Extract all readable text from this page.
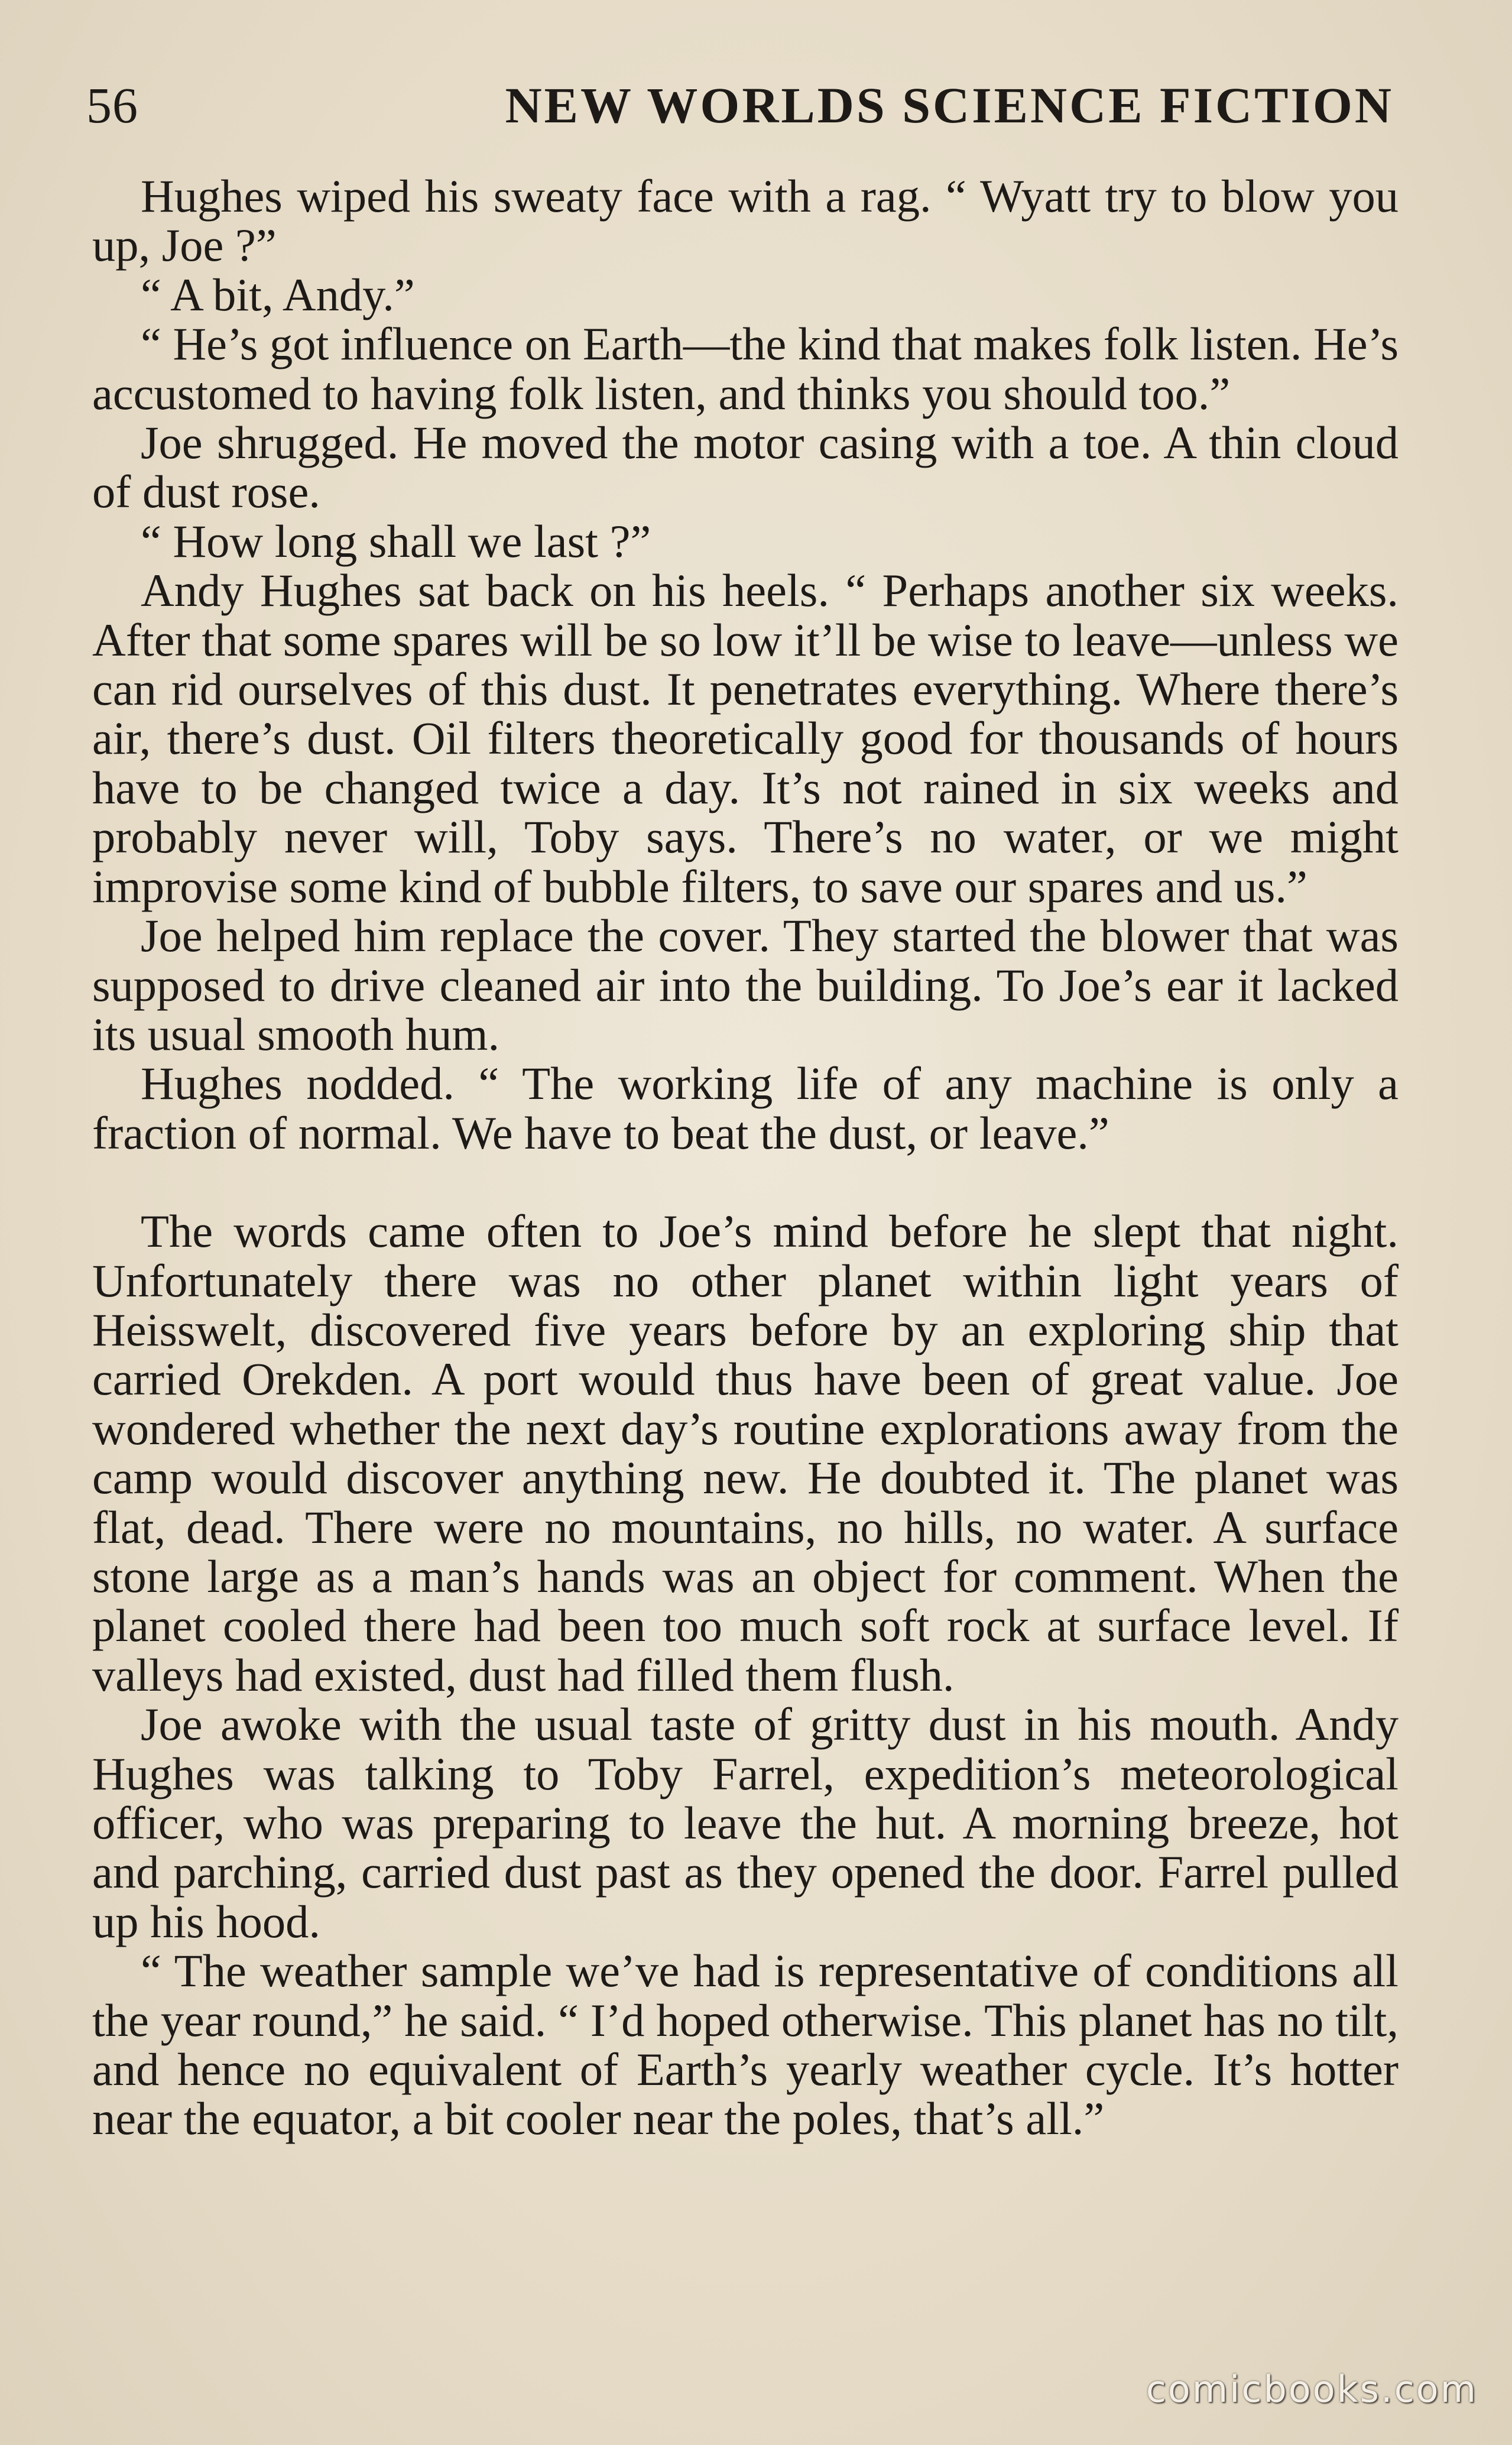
56	NEW WORLDS SCIENCE FICTION

Hughes wiped his sweaty face with a rag. “ Wyatt try to blow you up, Joe ?”

“ A bit, Andy.”

“ He’s got influence on Earth—the kind that makes folk listen. He’s accustomed to having folk listen, and thinks you should too.”

Joe shrugged. He moved the motor casing with a toe. A thin cloud of dust rose.

“ How long shall we last ?”

Andy Hughes sat back on his heels. “ Perhaps another six weeks. After that some spares will be so low it’ll be wise to leave—unless we can rid ourselves of this dust. It penetrates everything. Where there’s air, there’s dust. Oil filters theoretically good for thousands of hours have to be changed twice a day. It’s not rained in six weeks and probably never will, Toby says. There’s no water, or we might improvise some kind of bubble filters, to save our spares and us.”

Joe helped him replace the cover. They started the blower that was supposed to drive cleaned air into the building. To Joe’s ear it lacked its usual smooth hum.

Hughes nodded. “ The working life of any machine is only a fraction of normal. We have to beat the dust, or leave.”

The words came often to Joe’s mind before he slept that night. Unfortunately there was no other planet within light years of Heisswelt, discovered five years before by an exploring ship that carried Orekden. A port would thus have been of great value. Joe wondered whether the next day’s routine explorations away from the camp would discover anything new. He doubted it. The planet was flat, dead. There were no mountains, no hills, no water. A surface stone large as a man’s hands was an object for comment. When the planet cooled there had been too much soft rock at surface level. If valleys had existed, dust had filled them flush.

Joe awoke with the usual taste of gritty dust in his mouth. Andy Hughes was talking to Toby Farrel, expedition’s meteorological officer, who was preparing to leave the hut. A morning breeze, hot and parching, carried dust past as they opened the door. Farrel pulled up his hood.

“ The weather sample we’ve had is representative of conditions all the year round,” he said. “ I’d hoped otherwise. This planet has no tilt, and hence no equivalent of Earth’s yearly weather cycle. It’s hotter near the equator, a bit cooler near the poles, that’s all.”

comicbooks.com
